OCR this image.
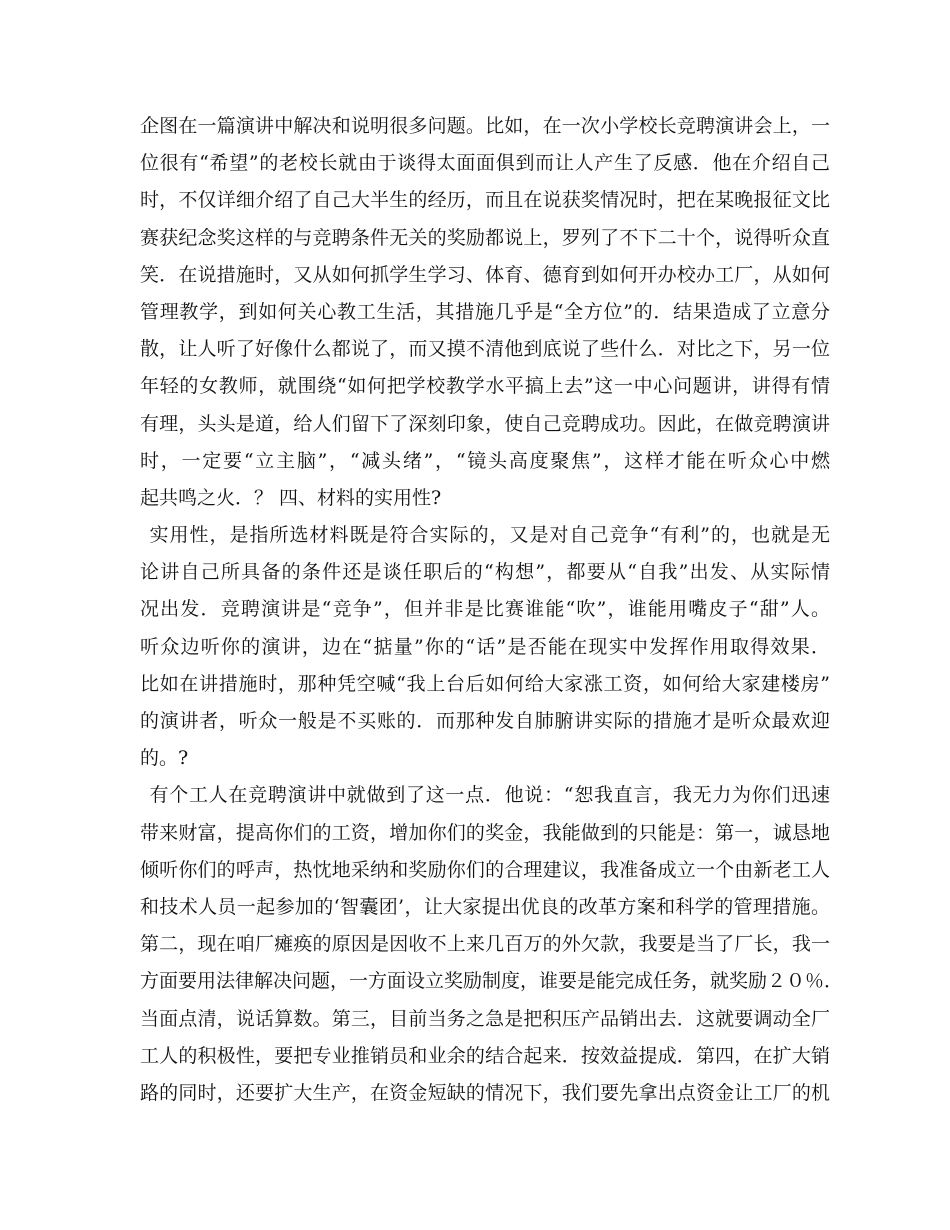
企图在一篇演讲中解决和说明很多问题。比如，在一次小学校长竞聘演讲会上，一
位很有“希望”的老校长就由于谈得太面面俱到而让人产生了反感．他在介绍自己
时，不仅详细介绍了自己大半生的经历，而且在说获奖情况时，把在某晚报征文比
赛获纪念奖这样的与竞聘条件无关的奖励都说上，罗列了不下二十个，说得听众直
笑．在说措施时，又从如何抓学生学习、体育、德育到如何开办校办工厂，从如何
管理教学，到如何关心教工生活，其措施几乎是“全方位”的．结果造成了立意分
散，让人听了好像什么都说了，而又摸不清他到底说了些什么．对比之下，另一位
年轻的女教师，就围绕“如何把学校教学水平搞上去”这一中心问题讲，讲得有情
有理，头头是道，给人们留下了深刻印象，使自己竞聘成功。因此，在做竞聘演讲
时，一定要“立主脑”，“减头绪”，“镜头高度聚焦”，这样才能在听众心中燃
起共鸣之火．？ 四、材料的实用性?
实用性，是指所选材料既是符合实际的，又是对自己竞争“有利”的，也就是无
论讲自己所具备的条件还是谈任职后的“构想”，都要从“自我”出发、从实际情
况出发．竞聘演讲是“竞争”，但并非是比赛谁能“吹”，谁能用嘴皮子“甜”人。
听众边听你的演讲，边在“掂量”你的“话”是否能在现实中发挥作用取得效果．
比如在讲措施时，那种凭空喊“我上台后如何给大家涨工资，如何给大家建楼房”
的演讲者，听众一般是不买账的．而那种发自肺腑讲实际的措施才是听众最欢迎
的。?
有个工人在竞聘演讲中就做到了这一点．他说：“恕我直言，我无力为你们迅速
带来财富，提高你们的工资，增加你们的奖金，我能做到的只能是：第一，诚恳地
倾听你们的呼声，热忱地采纳和奖励你们的合理建议，我准备成立一个由新老工人
和技术人员一起参加的‘智囊团’，让大家提出优良的改革方案和科学的管理措施。
第二，现在咱厂瘫痪的原因是因收不上来几百万的外欠款，我要是当了厂长，我一
方面要用法律解决问题，一方面设立奖励制度，谁要是能完成任务，就奖励２０％．
当面点清，说话算数。第三，目前当务之急是把积压产品销出去．这就要调动全厂
工人的积极性，要把专业推销员和业余的结合起来．按效益提成．第四，在扩大销
路的同时，还要扩大生产，在资金短缺的情况下，我们要先拿出点资金让工厂的机
